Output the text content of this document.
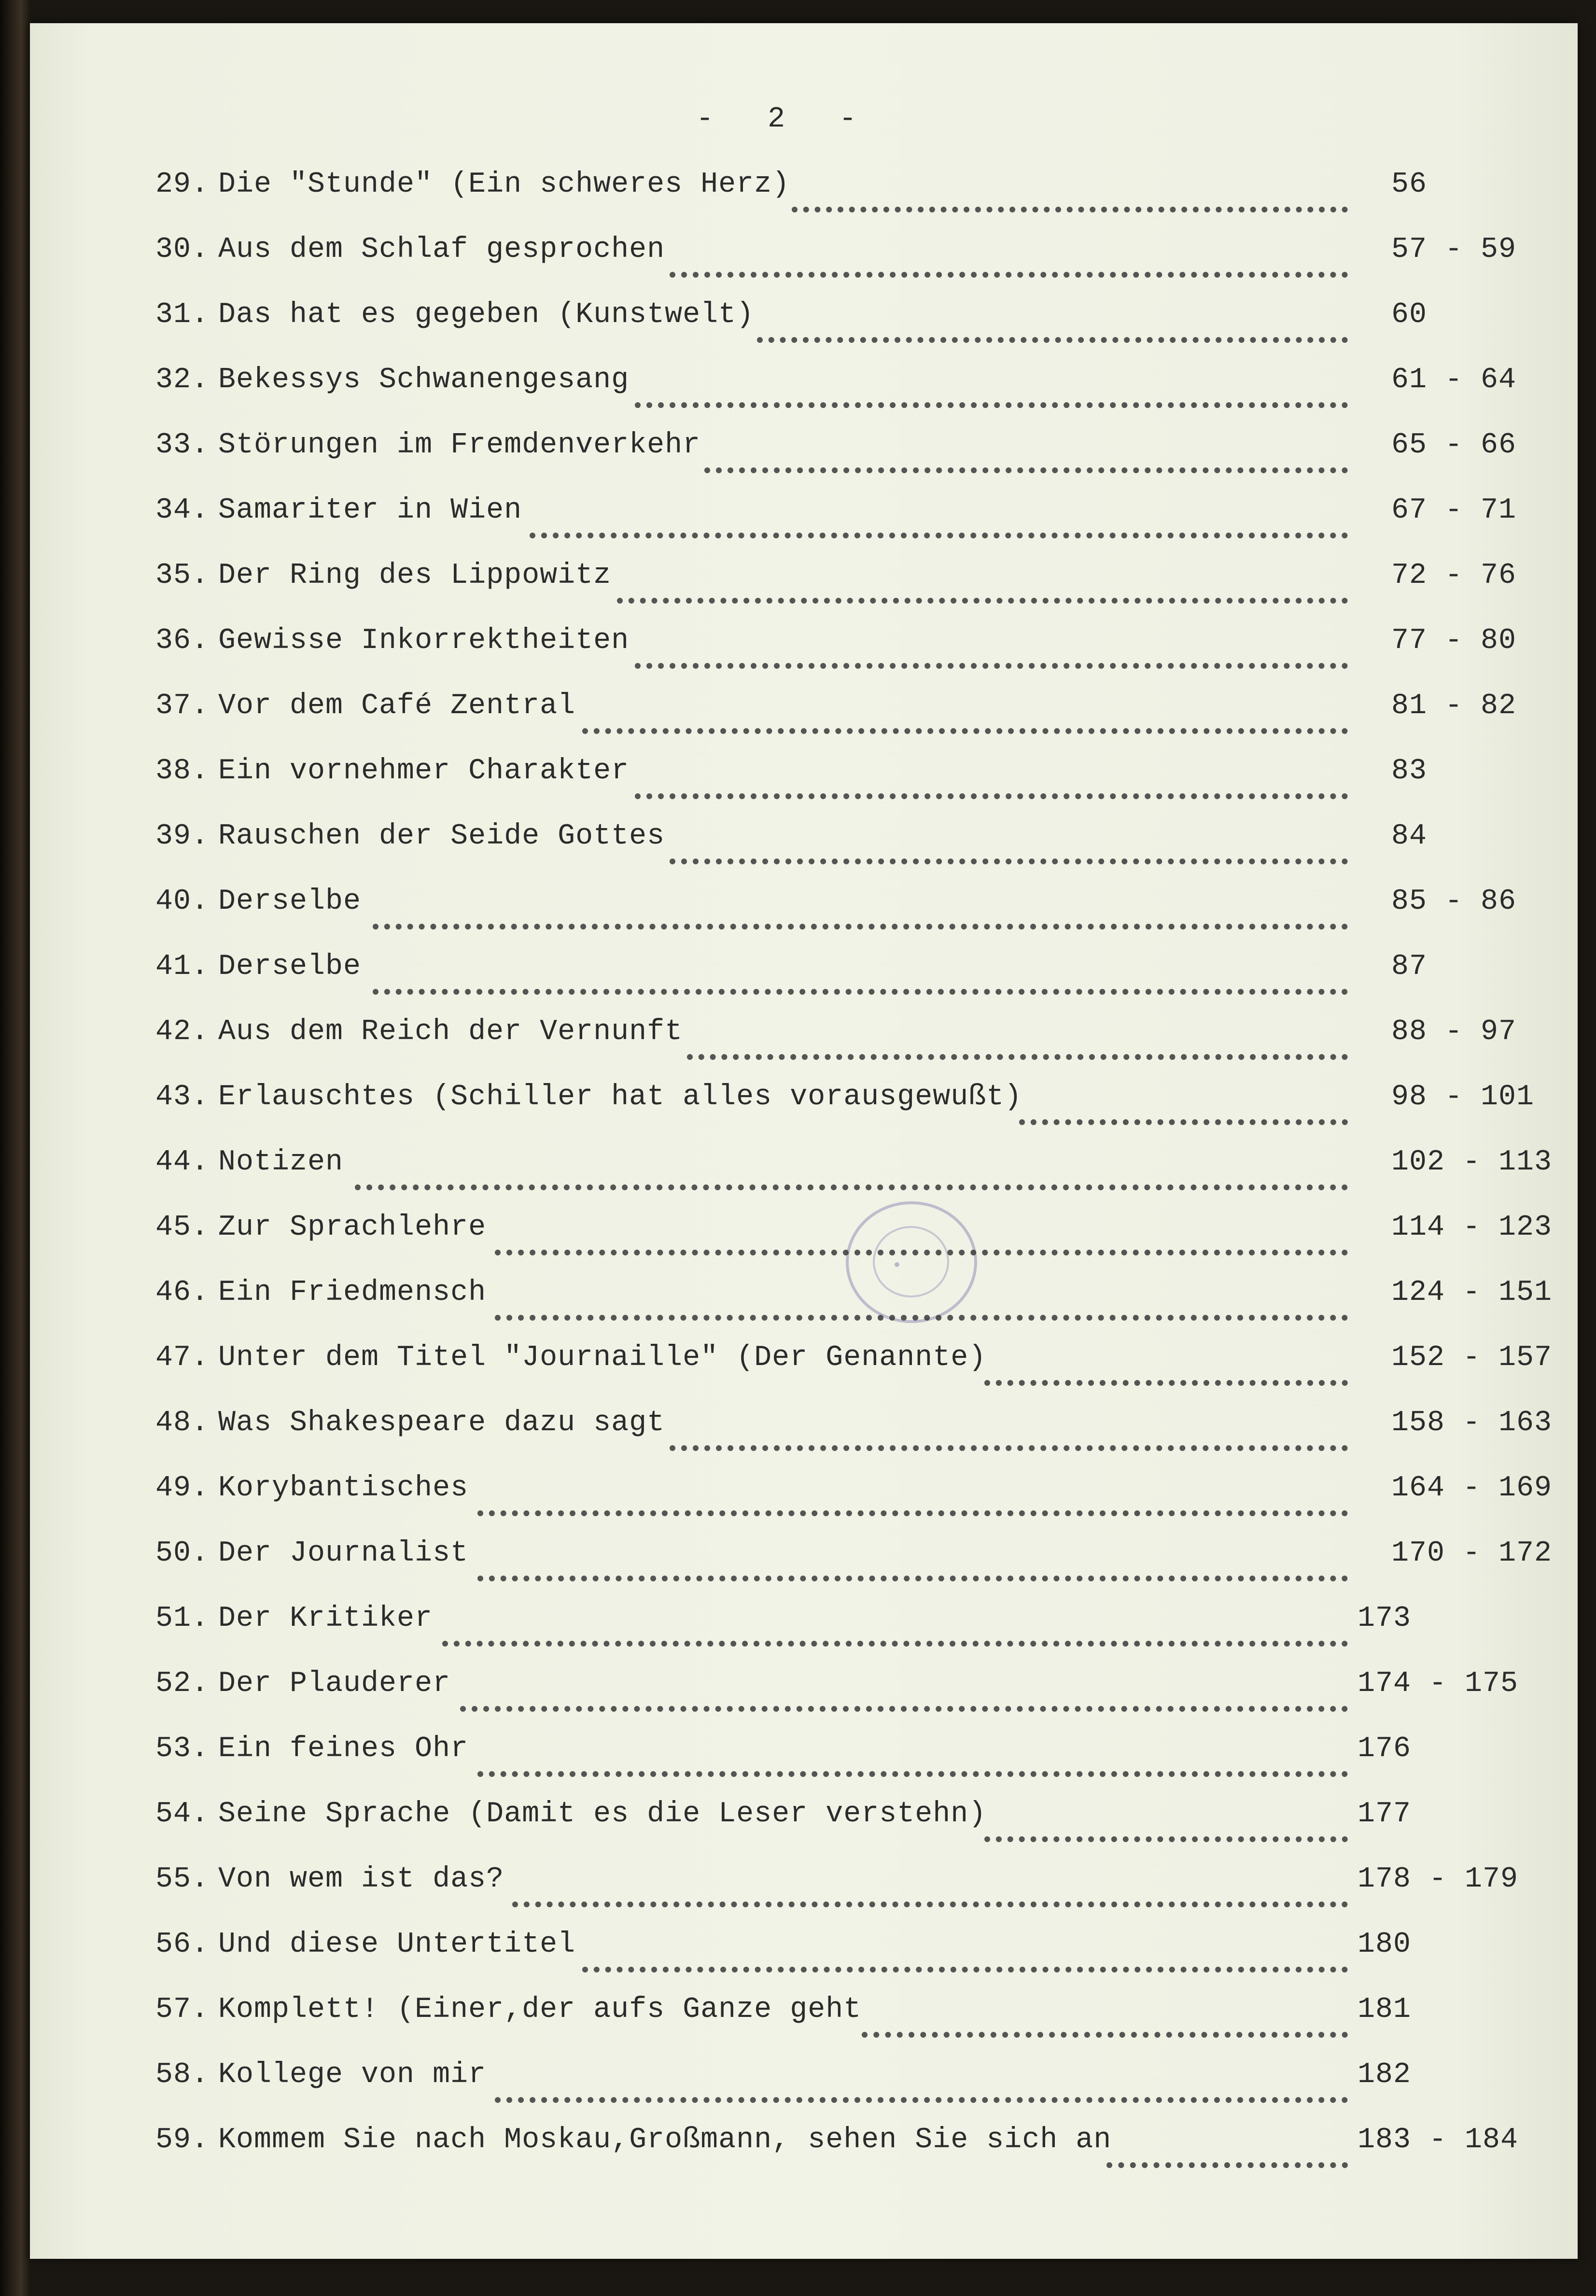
-   2   -
29. Die "Stunde" (Ein schweres Herz)	56
30. Aus dem Schlaf gesprochen	57 - 59
31. Das hat es gegeben (Kunstwelt)	60
32. Bekessys Schwanengesang	61 - 64
33. Störungen im Fremdenverkehr	65 - 66
34. Samariter in Wien	67 - 71
35. Der Ring des Lippowitz	72 - 76
36. Gewisse Inkorrektheiten	77 - 80
37. Vor dem Café Zentral	81 - 82
38. Ein vornehmer Charakter	83
39. Rauschen der Seide Gottes	84
40. Derselbe	85 - 86
41. Derselbe	87
42. Aus dem Reich der Vernunft	88 - 97
43. Erlauschtes (Schiller hat alles vorausgewußt)	98 - 101
44. Notizen	102 - 113
45. Zur Sprachlehre	114 - 123
46. Ein Friedmensch	124 - 151
47. Unter dem Titel "Journaille" (Der Genannte)	152 - 157
48. Was Shakespeare dazu sagt	158 - 163
49. Korybantisches	164 - 169
50. Der Journalist	170 - 172
51. Der Kritiker	173
52. Der Plauderer	174 - 175
53. Ein feines Ohr	176
54. Seine Sprache (Damit es die Leser verstehn)	177
55. Von wem ist das?	178 - 179
56. Und diese Untertitel	180
57. Komplett! (Einer,der aufs Ganze geht	181
58. Kollege von mir	182
59. Kommem Sie nach Moskau,Großmann, sehen Sie sich an	183 - 184
